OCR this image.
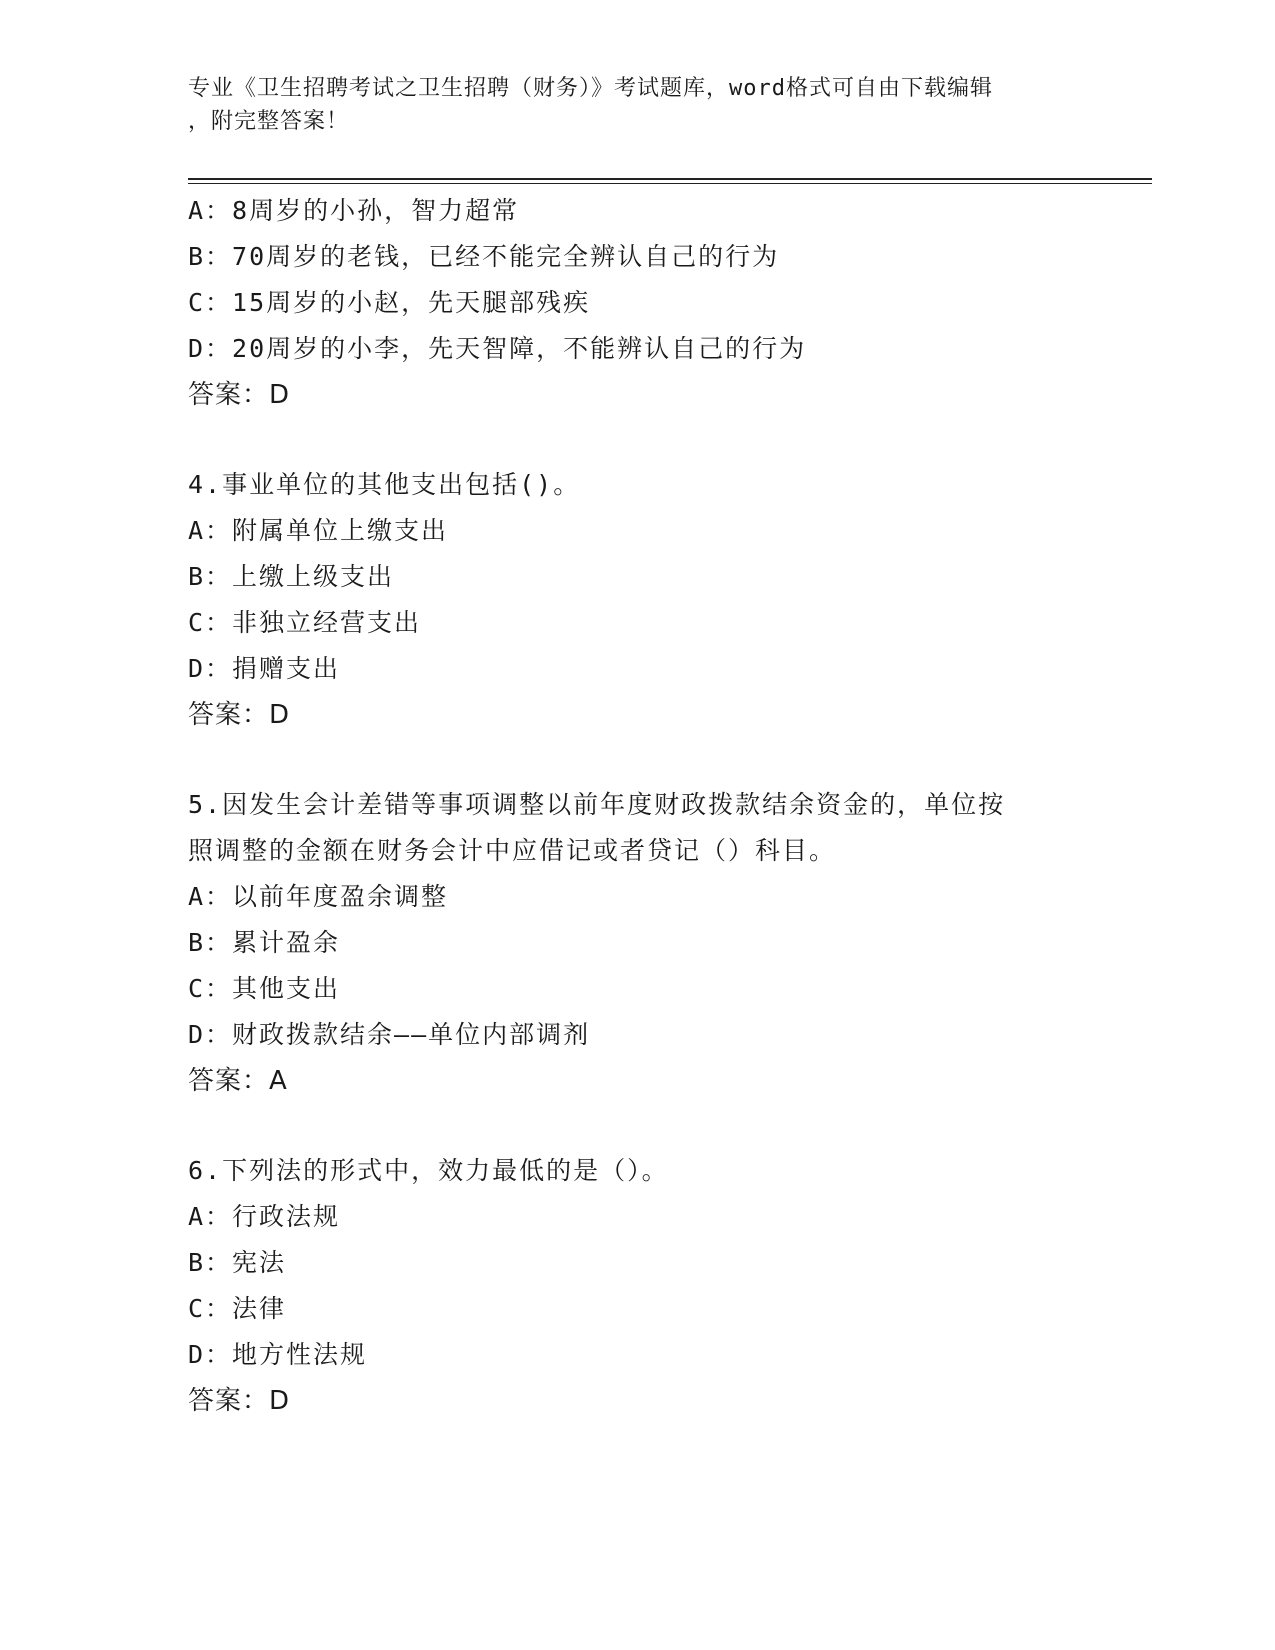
专业《卫生招聘考试之卫生招聘（财务）》考试题库，word格式可自由下载编辑
，附完整答案！
A：8周岁的小孙，智力超常
B：70周岁的老钱，已经不能完全辨认自己的行为
C：15周岁的小赵，先天腿部残疾
D：20周岁的小李，先天智障，不能辨认自己的行为
答案：D
4.事业单位的其他支出包括()。
A：附属单位上缴支出
B：上缴上级支出
C：非独立经营支出
D：捐赠支出
答案：D
5.因发生会计差错等事项调整以前年度财政拨款结余资金的，单位按
照调整的金额在财务会计中应借记或者贷记（）科目。
A：以前年度盈余调整
B：累计盈余
C：其他支出
D：财政拨款结余——单位内部调剂
答案：A
6.下列法的形式中，效力最低的是（）。
A：行政法规
B：宪法
C：法律
D：地方性法规
答案：D
